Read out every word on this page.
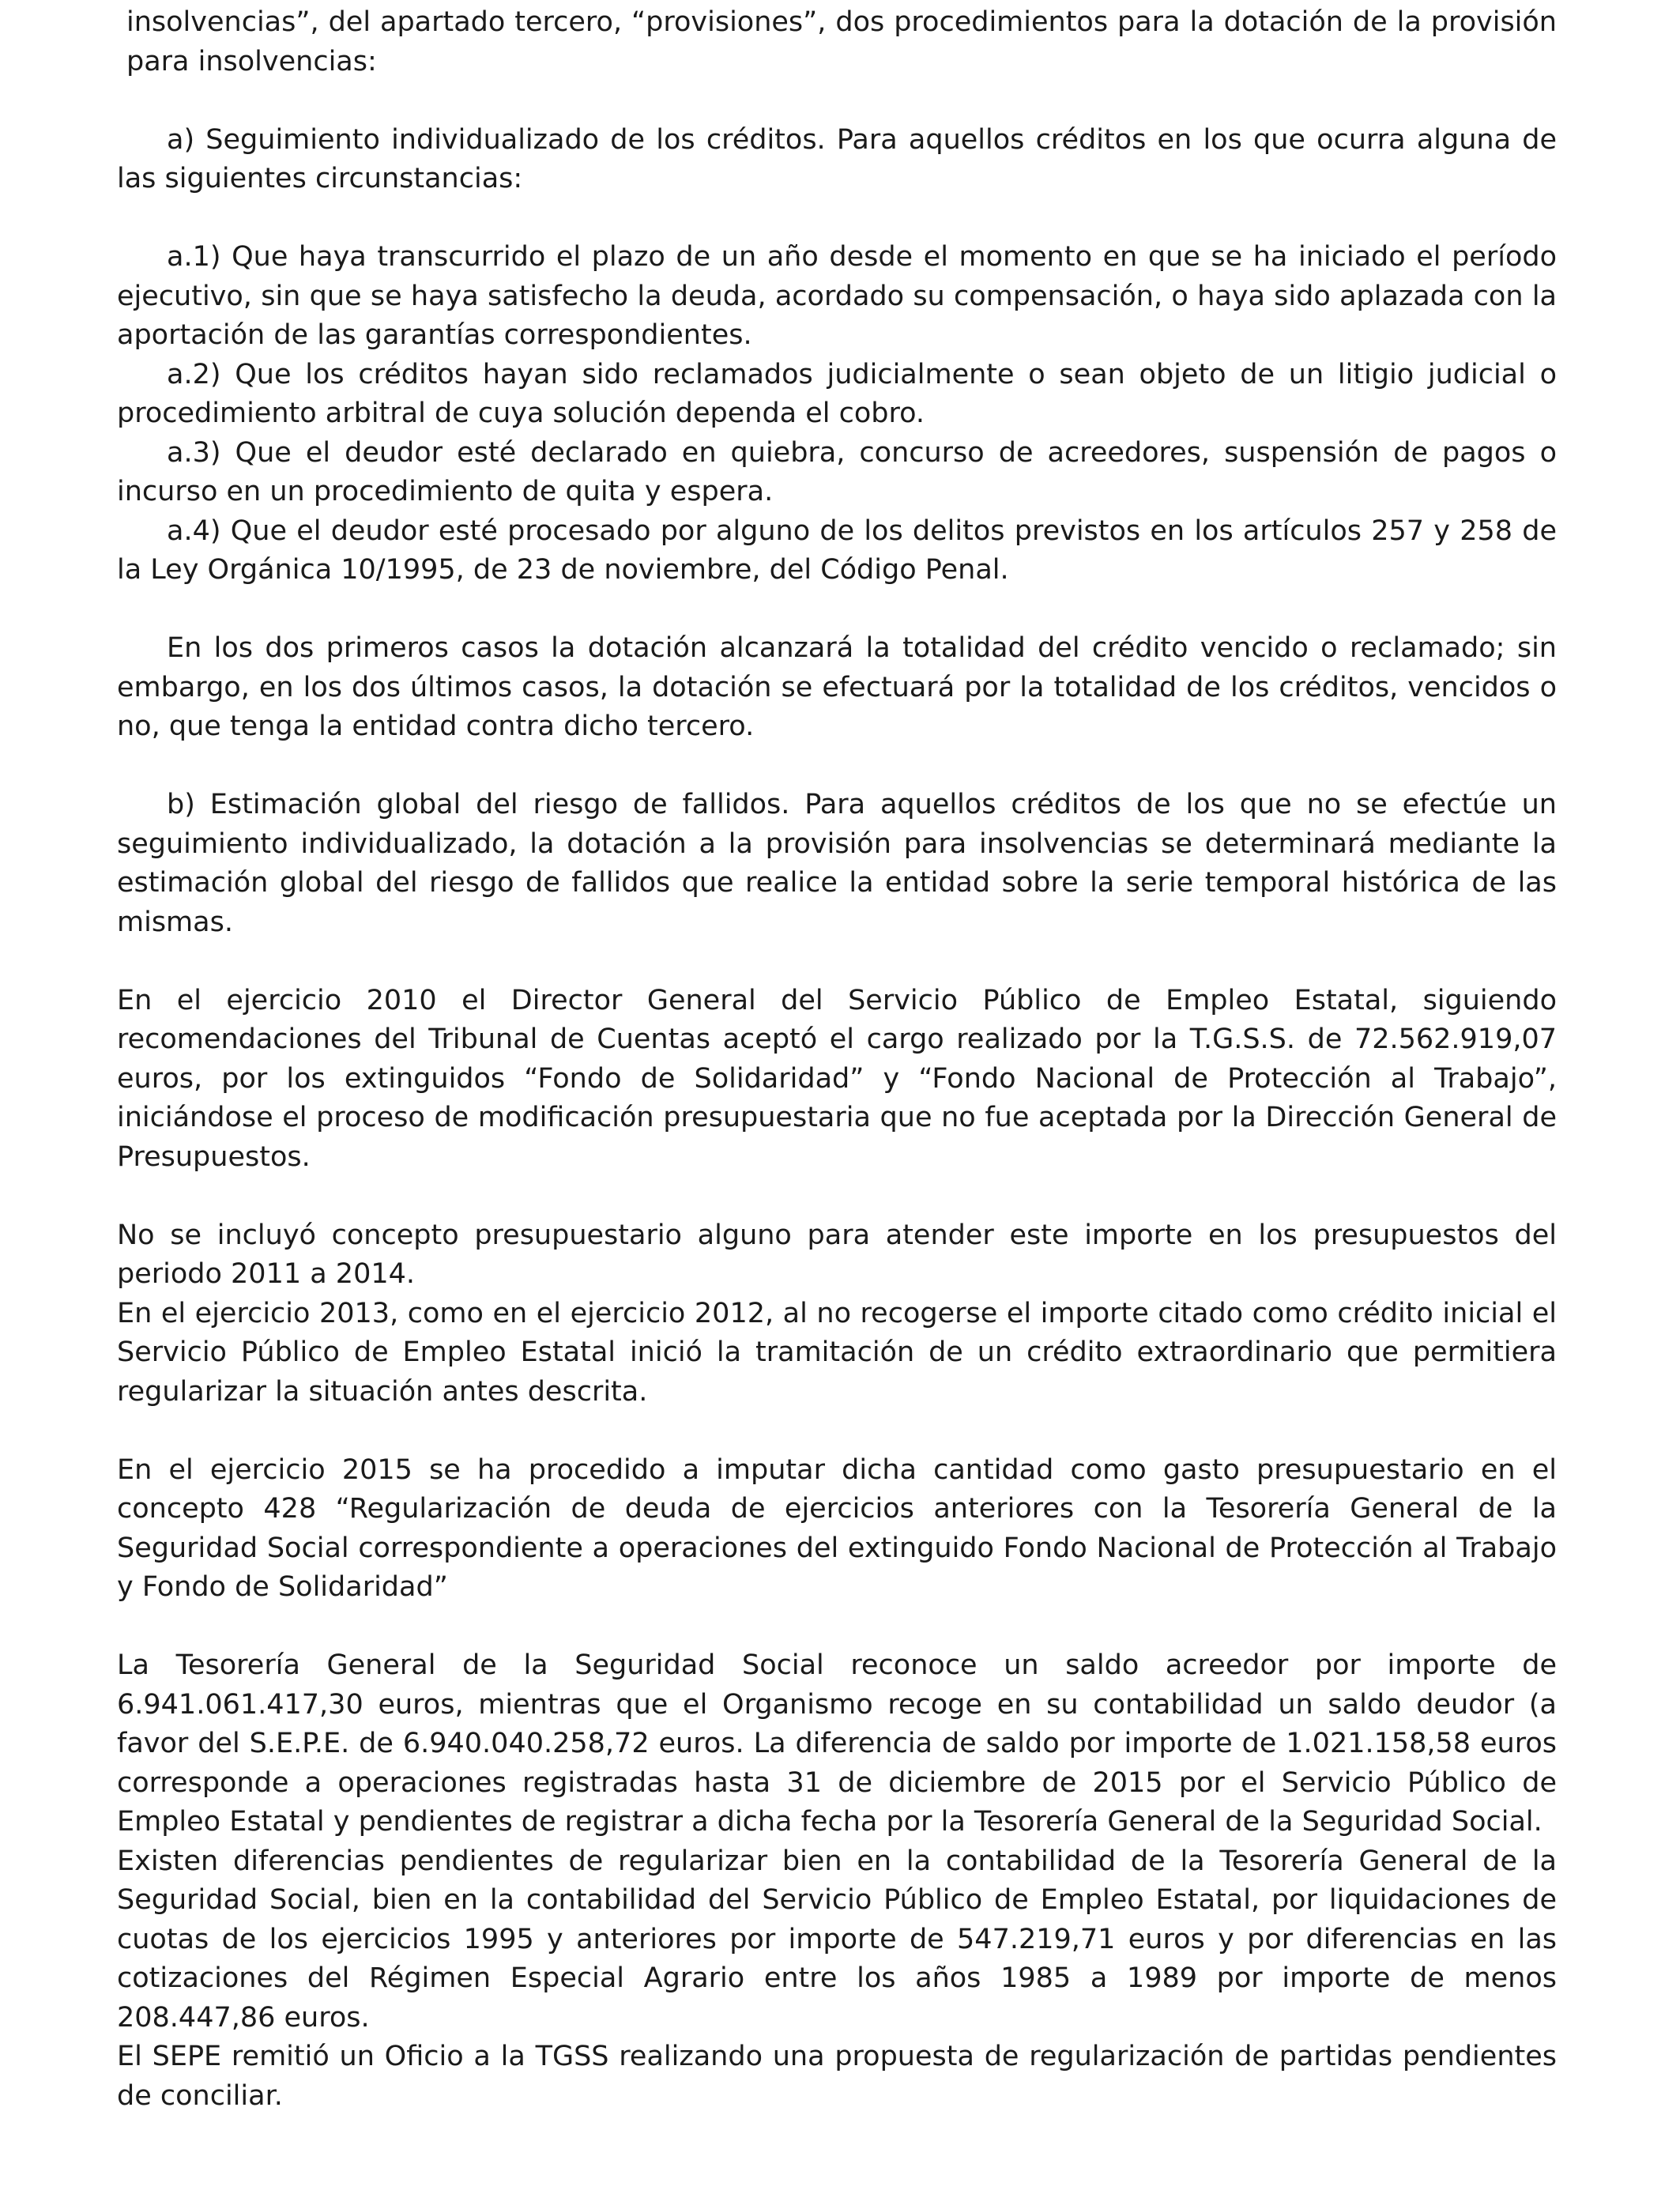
insolvencias”, del apartado tercero, “provisiones”, dos procedimientos para la dotación de la provisión para insolvencias:

a) Seguimiento individualizado de los créditos. Para aquellos créditos en los que ocurra alguna de las siguientes circunstancias:

a.1) Que haya transcurrido el plazo de un año desde el momento en que se ha iniciado el período ejecutivo, sin que se haya satisfecho la deuda, acordado su compensación, o haya sido aplazada con la aportación de las garantías correspondientes.

a.2) Que los créditos hayan sido reclamados judicialmente o sean objeto de un litigio judicial o procedimiento arbitral de cuya solución dependa el cobro.

a.3) Que el deudor esté declarado en quiebra, concurso de acreedores, suspensión de pagos o incurso en un procedimiento de quita y espera.

a.4) Que el deudor esté procesado por alguno de los delitos previstos en los artículos 257 y 258 de la Ley Orgánica 10/1995, de 23 de noviembre, del Código Penal.

En los dos primeros casos la dotación alcanzará la totalidad del crédito vencido o reclamado; sin embargo, en los dos últimos casos, la dotación se efectuará por la totalidad de los créditos, vencidos o no, que tenga la entidad contra dicho tercero.

b) Estimación global del riesgo de fallidos. Para aquellos créditos de los que no se efectúe un seguimiento individualizado, la dotación a la provisión para insolvencias se determinará mediante la estimación global del riesgo de fallidos que realice la entidad sobre la serie temporal histórica de las mismas.

En el ejercicio 2010 el Director General del Servicio Público de Empleo Estatal, siguiendo recomendaciones del Tribunal de Cuentas aceptó el cargo realizado por la T.G.S.S. de 72.562.919,07 euros, por los extinguidos “Fondo de Solidaridad” y “Fondo Nacional de Protección al Trabajo”, iniciándose el proceso de modificación presupuestaria que no fue aceptada por la Dirección General de Presupuestos.

No se incluyó concepto presupuestario alguno para atender este importe en los presupuestos del periodo 2011 a 2014.

En el ejercicio 2013, como en el ejercicio 2012, al no recogerse el importe citado como crédito inicial el Servicio Público de Empleo Estatal inició la tramitación de un crédito extraordinario que permitiera regularizar la situación antes descrita.

En el ejercicio 2015 se ha procedido a imputar dicha cantidad como gasto presupuestario en el concepto 428 “Regularización de deuda de ejercicios anteriores con la Tesorería General de la Seguridad Social correspondiente a operaciones del extinguido Fondo Nacional de Protección al Trabajo y Fondo de Solidaridad”

La Tesorería General de la Seguridad Social reconoce un saldo acreedor por importe de 6.941.061.417,30 euros, mientras que el Organismo recoge en su contabilidad un saldo deudor (a favor del S.E.P.E. de 6.940.040.258,72 euros. La diferencia de saldo por importe de 1.021.158,58 euros corresponde a operaciones registradas hasta 31 de diciembre de 2015 por el Servicio Público de Empleo Estatal y pendientes de registrar a dicha fecha por la Tesorería General de la Seguridad Social.

Existen diferencias pendientes de regularizar bien en la contabilidad de la Tesorería General de la Seguridad Social, bien en la contabilidad del Servicio Público de Empleo Estatal, por liquidaciones de cuotas de los ejercicios 1995 y anteriores por importe de 547.219,71 euros y por diferencias en las cotizaciones del Régimen Especial Agrario entre los años 1985 a 1989 por importe de menos 208.447,86 euros.

El SEPE remitió un Oficio a la TGSS realizando una propuesta de regularización de partidas pendientes de conciliar.
